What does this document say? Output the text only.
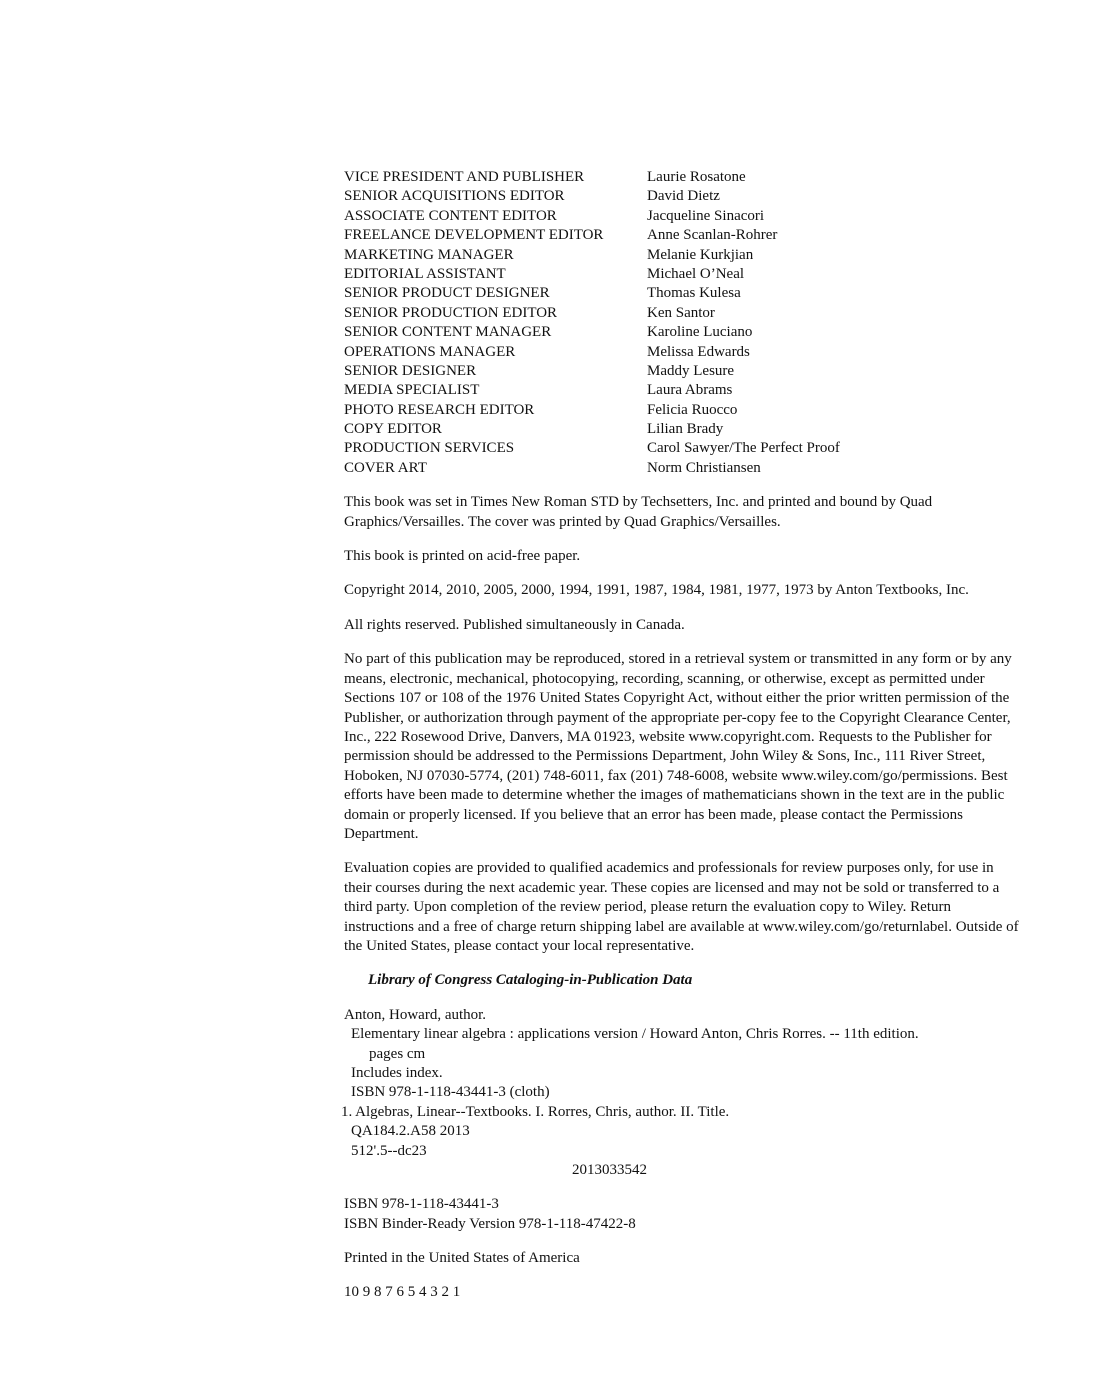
VICE PRESIDENT AND PUBLISHER	Laurie Rosatone
SENIOR ACQUISITIONS EDITOR	David Dietz
ASSOCIATE CONTENT EDITOR	Jacqueline Sinacori
FREELANCE DEVELOPMENT EDITOR	Anne Scanlan-Rohrer
MARKETING MANAGER	Melanie Kurkjian
EDITORIAL ASSISTANT	Michael O’Neal
SENIOR PRODUCT DESIGNER	Thomas Kulesa
SENIOR PRODUCTION EDITOR	Ken Santor
SENIOR CONTENT MANAGER	Karoline Luciano
OPERATIONS MANAGER	Melissa Edwards
SENIOR DESIGNER	Maddy Lesure
MEDIA SPECIALIST	Laura Abrams
PHOTO RESEARCH EDITOR	Felicia Ruocco
COPY EDITOR	Lilian Brady
PRODUCTION SERVICES	Carol Sawyer/The Perfect Proof
COVER ART	Norm Christiansen

This book was set in Times New Roman STD by Techsetters, Inc. and printed and bound by Quad Graphics/Versailles. The cover was printed by Quad Graphics/Versailles.

This book is printed on acid-free paper.

Copyright 2014, 2010, 2005, 2000, 1994, 1991, 1987, 1984, 1981, 1977, 1973 by Anton Textbooks, Inc.

All rights reserved. Published simultaneously in Canada.

No part of this publication may be reproduced, stored in a retrieval system or transmitted in any form or by any means, electronic, mechanical, photocopying, recording, scanning, or otherwise, except as permitted under Sections 107 or 108 of the 1976 United States Copyright Act, without either the prior written permission of the Publisher, or authorization through payment of the appropriate per-copy fee to the Copyright Clearance Center, Inc., 222 Rosewood Drive, Danvers, MA 01923, website www.copyright.com. Requests to the Publisher for permission should be addressed to the Permissions Department, John Wiley & Sons, Inc., 111 River Street, Hoboken, NJ 07030-5774, (201) 748-6011, fax (201) 748-6008, website www.wiley.com/go/permissions. Best efforts have been made to determine whether the images of mathematicians shown in the text are in the public domain or properly licensed. If you believe that an error has been made, please contact the Permissions Department.

Evaluation copies are provided to qualified academics and professionals for review purposes only, for use in their courses during the next academic year. These copies are licensed and may not be sold or transferred to a third party. Upon completion of the review period, please return the evaluation copy to Wiley. Return instructions and a free of charge return shipping label are available at www.wiley.com/go/returnlabel. Outside of the United States, please contact your local representative.

Library of Congress Cataloging-in-Publication Data

Anton, Howard, author.
Elementary linear algebra : applications version / Howard Anton, Chris Rorres. -- 11th edition.
pages cm
Includes index.
ISBN 978-1-118-43441-3 (cloth)
1. Algebras, Linear--Textbooks. I. Rorres, Chris, author. II. Title.
QA184.2.A58 2013
512'.5--dc23
2013033542
ISBN 978-1-118-43441-3
ISBN Binder-Ready Version 978-1-118-47422-8

Printed in the United States of America

10 9 8 7 6 5 4 3 2 1
